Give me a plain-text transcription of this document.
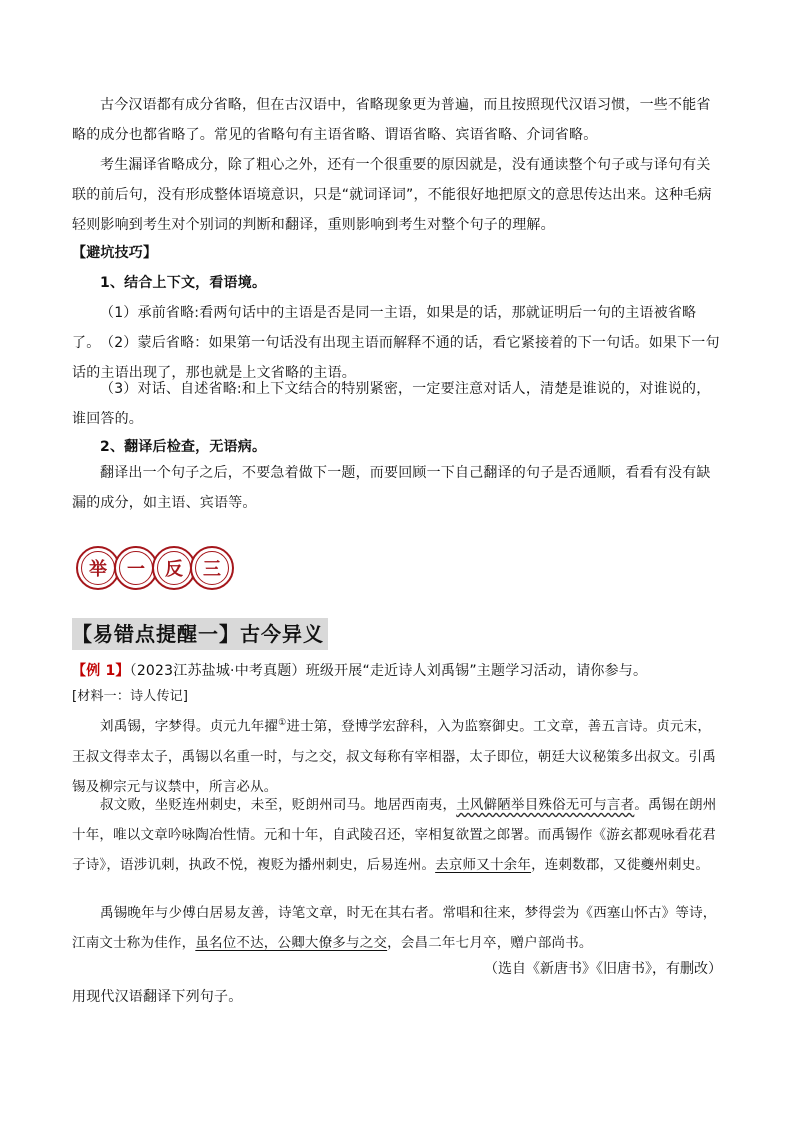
古今汉语都有成分省略，但在古汉语中，省略现象更为普遍，而且按照现代汉语习惯，一些不能省略的成分也都省略了。常见的省略句有主语省略、谓语省略、宾语省略、介词省略。

考生漏译省略成分，除了粗心之外，还有一个很重要的原因就是，没有通读整个句子或与译句有关联的前后句，没有形成整体语境意识，只是“就词译词”，不能很好地把原文的意思传达出来。这种毛病轻则影响到考生对个别词的判断和翻译，重则影响到考生对整个句子的理解。

【避坑技巧】

1、结合上下文，看语境。

（1）承前省略:看两句话中的主语是否是同一主语，如果是的话，那就证明后一句的主语被省略了。 （2）蒙后省略：如果第一句话没有出现主语而解释不通的话，看它紧接着的下一句话。如果下一句话的主语出现了，那也就是上文省略的主语。

（3）对话、自述省略:和上下文结合的特别紧密，一定要注意对话人，清楚是谁说的，对谁说的，谁回答的。

2、翻译后检查，无语病。

翻译出一个句子之后，不要急着做下一题，而要回顾一下自己翻译的句子是否通顺，看看有没有缺漏的成分，如主语、宾语等。

举	一	反	三
【易错点提醒一】古今异义

【例 1】（2023江苏盐城·中考真题）班级开展“走近诗人刘禹锡”主题学习活动，请你参与。

[材料一：诗人传记]

刘禹锡，字梦得。贞元九年擢①进士第，登博学宏辞科，入为监察御史。工文章，善五言诗。贞元末，王叔文得幸太子，禹锡以名重一时，与之交，叔文每称有宰相器，太子即位，朝廷大议秘策多出叔文。引禹锡及柳宗元与议禁中，所言必从。

叔文败，坐贬连州刺史，未至，贬朗州司马。地居西南夷，土风僻陋举目殊俗无可与言者。禹锡在朗州十年，唯以文章吟咏陶冶性情。元和十年，自武陵召还，宰相复欲置之郎署。而禹锡作《游玄都观咏看花君子诗》，语涉讥刺，执政不悦，複贬为播州刺史，后易连州。去京师又十余年，连刺数郡，又徙夔州刺史。

禹锡晚年与少傅白居易友善，诗笔文章，时无在其右者。常唱和往来，梦得尝为《西塞山怀古》等诗，江南文士称为佳作，虽名位不达，公卿大僚多与之交，会昌二年七月卒，赠户部尚书。

（选自《新唐书》《旧唐书》，有删改）

用现代汉语翻译下列句子。
